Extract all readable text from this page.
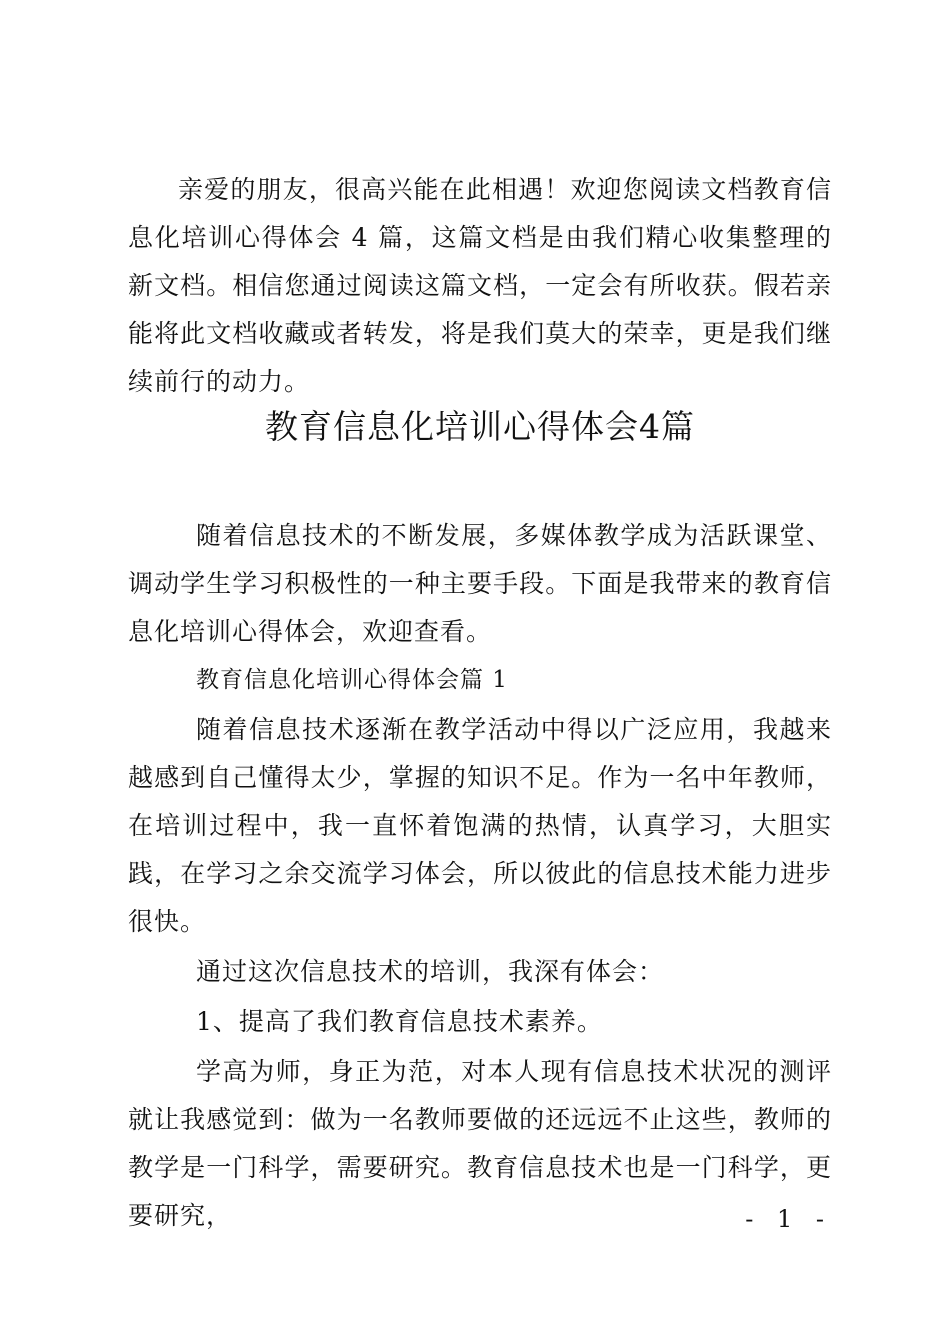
亲爱的朋友，很高兴能在此相遇！欢迎您阅读文档教育信息化培训心得体会 4 篇，这篇文档是由我们精心收集整理的新文档。相信您通过阅读这篇文档，一定会有所收获。假若亲能将此文档收藏或者转发，将是我们莫大的荣幸，更是我们继续前行的动力。

教育信息化培训心得体会4篇

随着信息技术的不断发展，多媒体教学成为活跃课堂、调动学生学习积极性的一种主要手段。下面是我带来的教育信息化培训心得体会，欢迎查看。

教育信息化培训心得体会篇 1

随着信息技术逐渐在教学活动中得以广泛应用，我越来越感到自己懂得太少，掌握的知识不足。作为一名中年教师，在培训过程中，我一直怀着饱满的热情，认真学习，大胆实践，在学习之余交流学习体会，所以彼此的信息技术能力进步很快。

通过这次信息技术的培训，我深有体会：

1、提高了我们教育信息技术素养。

学高为师，身正为范，对本人现有信息技术状况的测评就让我感觉到：做为一名教师要做的还远远不止这些，教师的教学是一门科学，需要研究。教育信息技术也是一门科学，更要研究，	- 1 -
